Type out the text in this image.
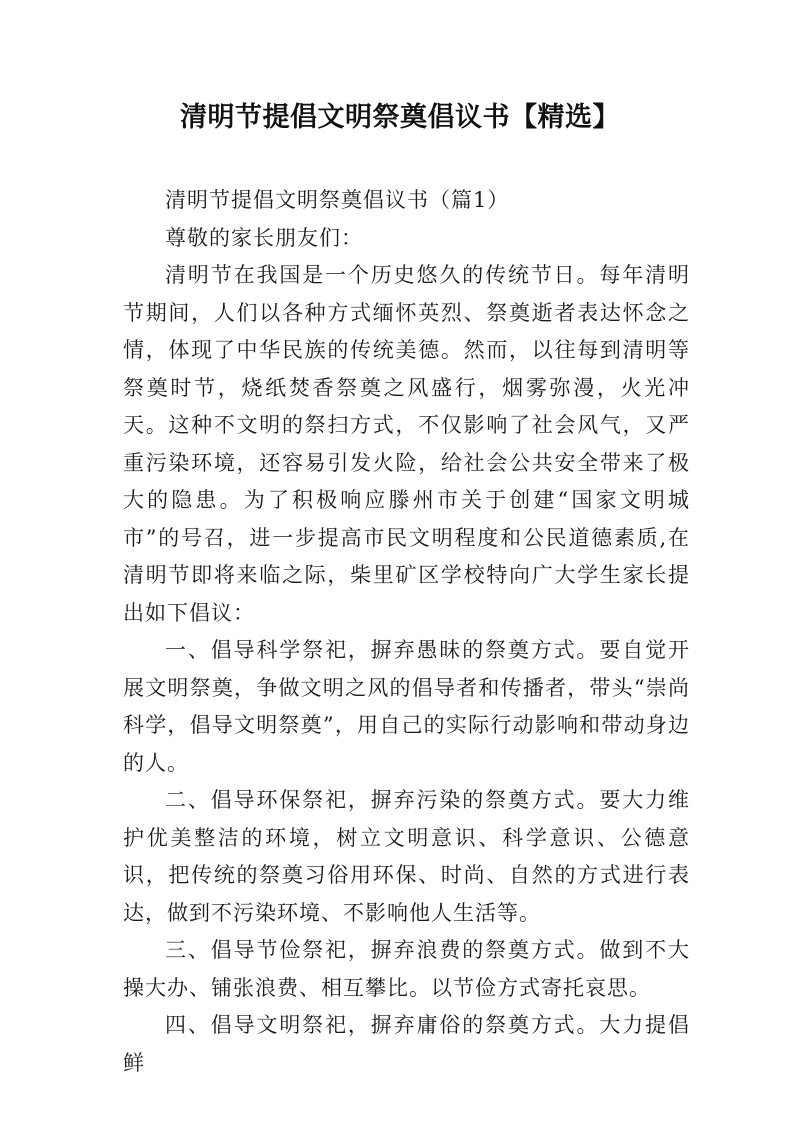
清明节提倡文明祭奠倡议书【精选】

清明节提倡文明祭奠倡议书（篇1）

尊敬的家长朋友们：

清明节在我国是一个历史悠久的传统节日。每年清明节期间，人们以各种方式缅怀英烈、祭奠逝者表达怀念之情，体现了中华民族的传统美德。然而，以往每到清明等祭奠时节，烧纸焚香祭奠之风盛行，烟雾弥漫，火光冲天。这种不文明的祭扫方式，不仅影响了社会风气，又严重污染环境，还容易引发火险，给社会公共安全带来了极大的隐患。为了积极响应滕州市关于创建“国家文明城市”的号召，进一步提高市民文明程度和公民道德素质,在清明节即将来临之际，柴里矿区学校特向广大学生家长提出如下倡议：

一、倡导科学祭祀，摒弃愚昧的祭奠方式。要自觉开展文明祭奠，争做文明之风的倡导者和传播者，带头“崇尚科学，倡导文明祭奠”，用自己的实际行动影响和带动身边的人。

二、倡导环保祭祀，摒弃污染的祭奠方式。要大力维护优美整洁的环境，树立文明意识、科学意识、公德意识，把传统的祭奠习俗用环保、时尚、自然的方式进行表达，做到不污染环境、不影响他人生活等。

三、倡导节俭祭祀，摒弃浪费的祭奠方式。做到不大操大办、铺张浪费、相互攀比。以节俭方式寄托哀思。

四、倡导文明祭祀，摒弃庸俗的祭奠方式。大力提倡鲜
